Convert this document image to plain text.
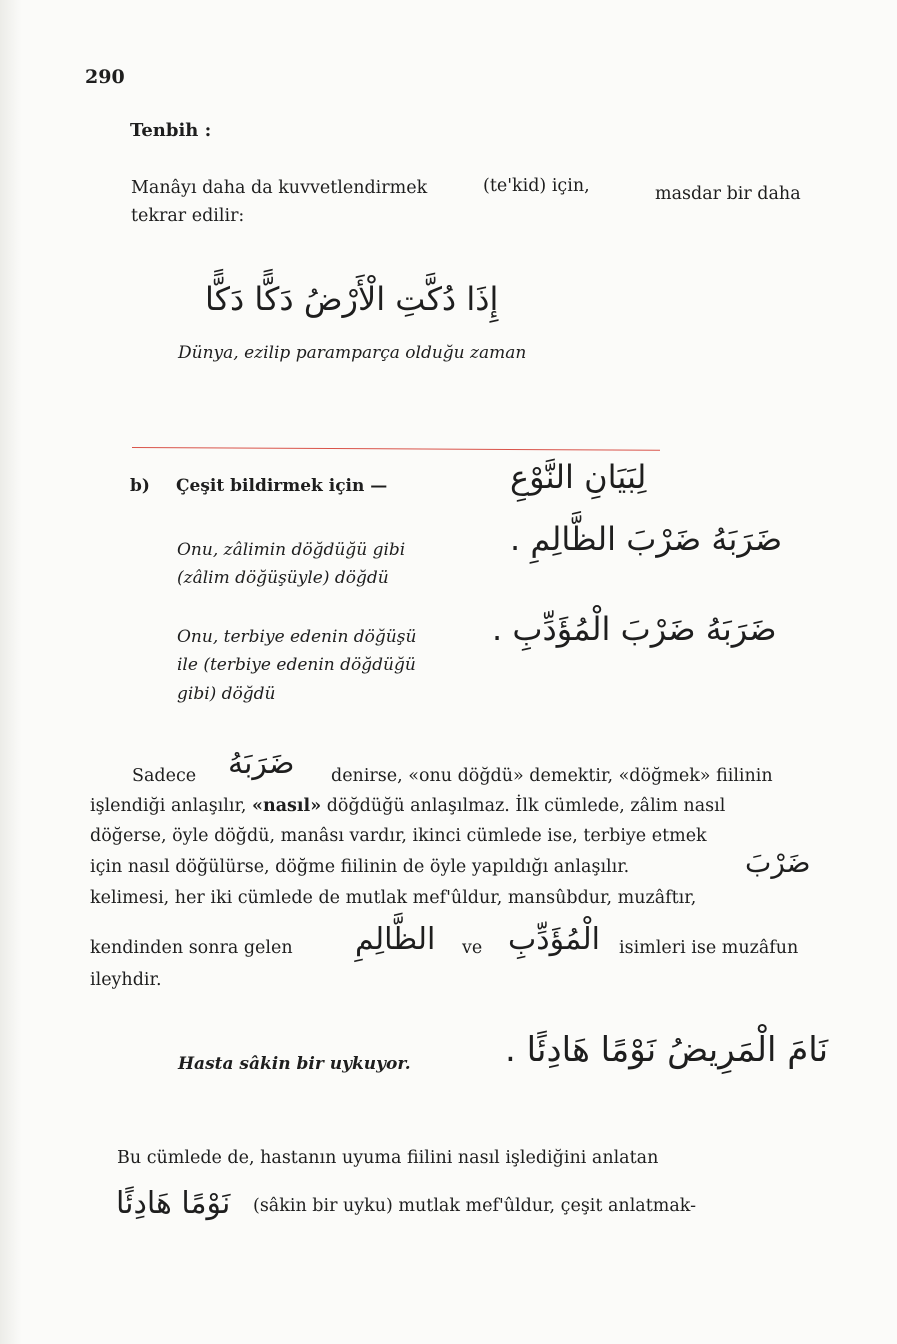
290
Tenbih :
Manâyı daha da kuvvetlendirmek	(te'kid) için,	masdar bir daha
tekrar edilir:
إِذَا دُكَّتِ الْأَرْضُ دَكًّا دَكًّا
Dünya, ezilip paramparça olduğu zaman
b) Çeşit bildirmek için —	لِبَيَانِ النَّوْعِ
Onu, zâlimin döğdüğü gibi
(zâlim döğüşüyle) döğdü
ضَرَبَهُ ضَرْبَ الظَّالِمِ .
Onu, terbiye edenin döğüşü
ile (terbiye edenin döğdüğü
gibi) döğdü
ضَرَبَهُ ضَرْبَ الْمُؤَدِّبِ .
Sadece ضَرَبَهُ denirse, «onu döğdü» demektir, «döğmek» fiilinin
işlendiği anlaşılır, «nasıl» döğdüğü anlaşılmaz. İlk cümlede, zâlim nasıl
döğerse, öyle döğdü, manâsı vardır, ikinci cümlede ise, terbiye etmek
için nasıl döğülürse, döğme fiilinin de öyle yapıldığı anlaşılır.	ضَرْبَ
kelimesi, her iki cümlede de mutlak mef'ûldur, mansûbdur, muzâftır,
kendinden sonra gelen الظَّالِمِ ve الْمُؤَدِّبِ isimleri ise muzâfun
ileyhdir.
Hasta sâkin bir uykuyor.	نَامَ الْمَرِيضُ نَوْمًا هَادِئًا .
Bu cümlede de, hastanın uyuma fiilini nasıl işlediğini anlatan
نَوْمًا هَادِئًا (sâkin bir uyku) mutlak mef'ûldur, çeşit anlatmak-
